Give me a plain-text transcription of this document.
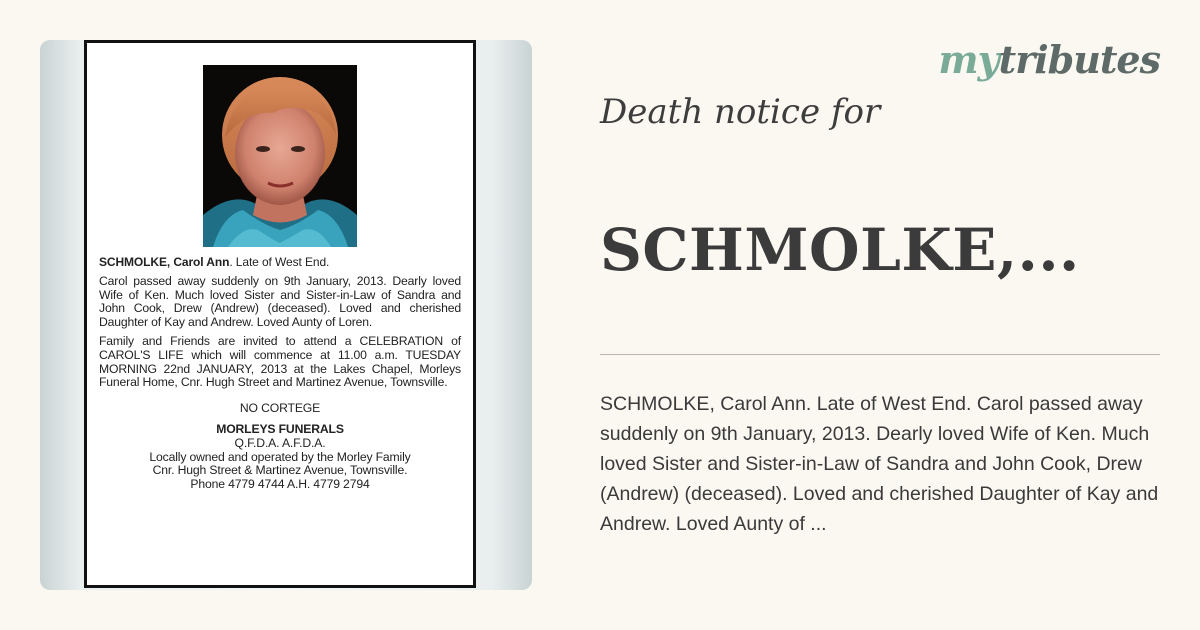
SCHMOLKE, Carol Ann. Late of West End.
Carol passed away suddenly on 9th January, 2013. Dearly loved Wife of Ken. Much loved Sister and Sister-in-Law of Sandra and John Cook, Drew (Andrew) (deceased). Loved and cherished Daughter of Kay and Andrew. Loved Aunty of Loren.
Family and Friends are invited to attend a CELEBRATION of CAROL'S LIFE which will commence at 11.00 a.m. TUESDAY MORNING 22nd JANUARY, 2013 at the Lakes Chapel, Morleys Funeral Home, Cnr. Hugh Street and Martinez Avenue, Townsville.
NO CORTEGE
MORLEYS FUNERALS
Q.F.D.A. A.F.D.A.
Locally owned and operated by the Morley Family
Cnr. Hugh Street & Martinez Avenue, Townsville.
Phone 4779 4744 A.H. 4779 2794
mytributes
Death notice for
SCHMOLKE,...
SCHMOLKE, Carol Ann. Late of West End. Carol passed away suddenly on 9th January, 2013. Dearly loved Wife of Ken. Much loved Sister and Sister-in-Law of Sandra and John Cook, Drew (Andrew) (deceased). Loved and cherished Daughter of Kay and Andrew. Loved Aunty of ...
